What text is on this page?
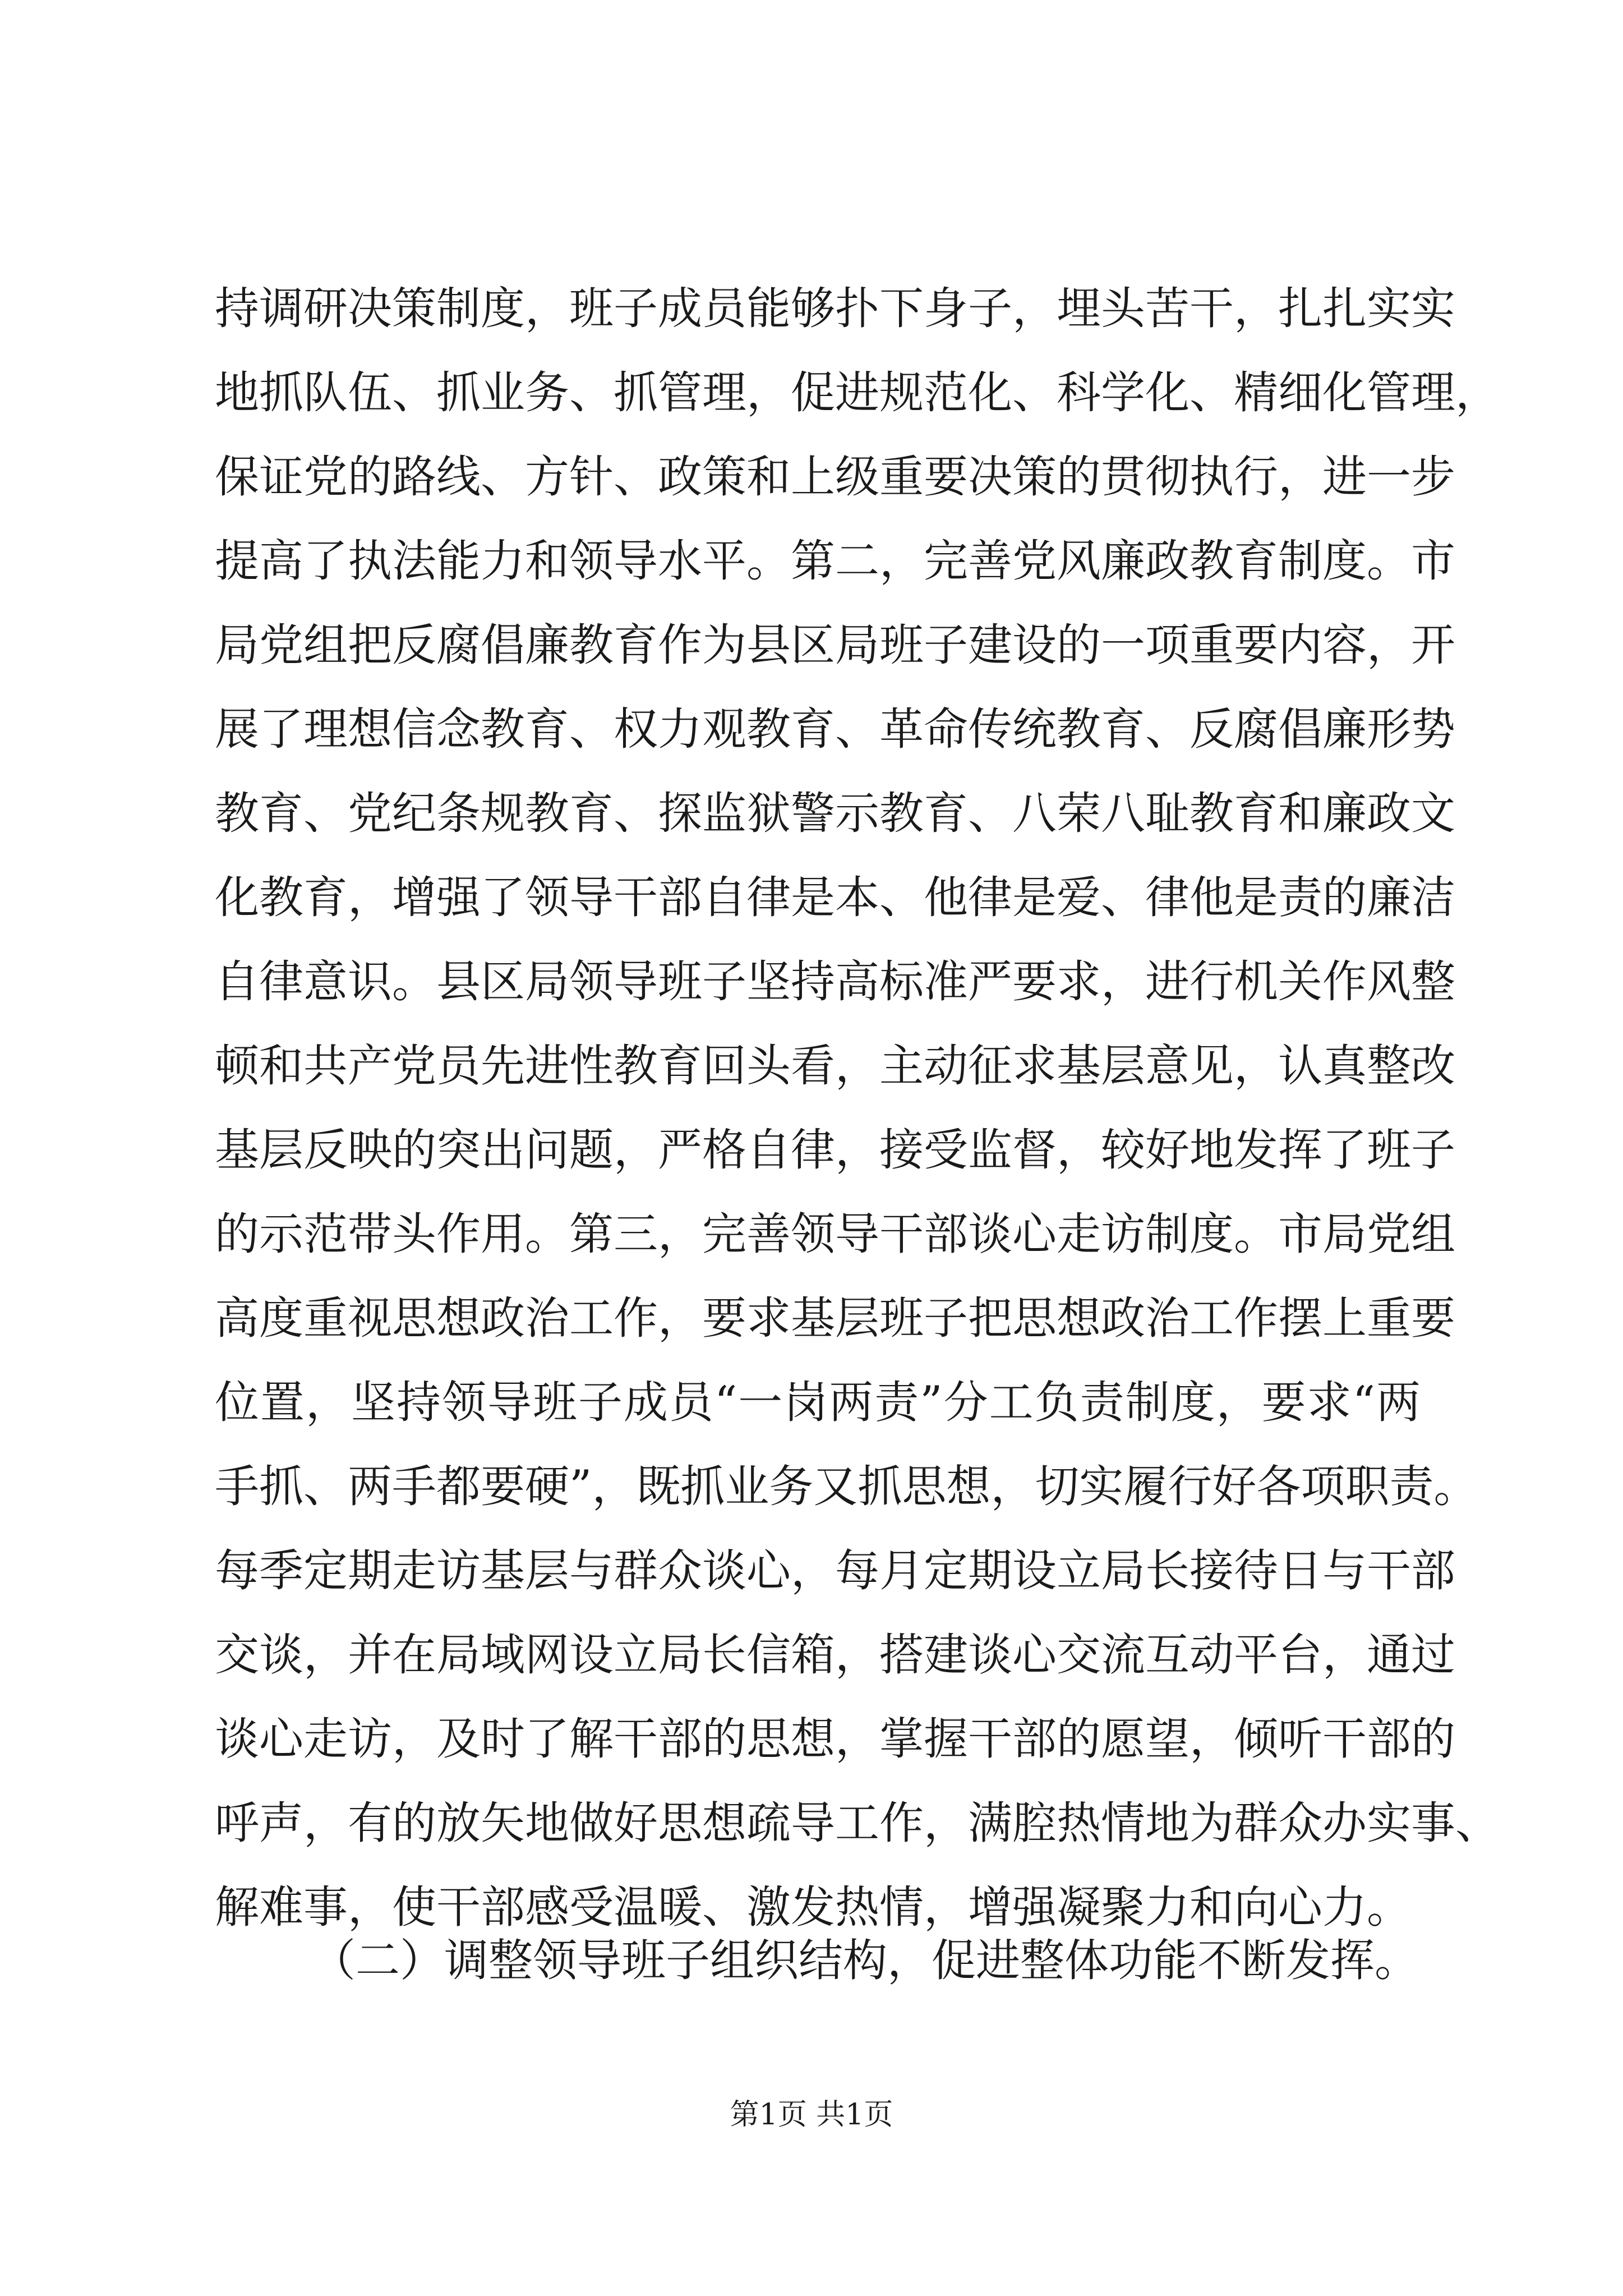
持调研决策制度，班子成员能够扑下身子，埋头苦干，扎扎实实
地抓队伍、抓业务、抓管理，促进规范化、科学化、精细化管理，
保证党的路线、方针、政策和上级重要决策的贯彻执行，进一步
提高了执法能力和领导水平。第二，完善党风廉政教育制度。市
局党组把反腐倡廉教育作为县区局班子建设的一项重要内容，开
展了理想信念教育、权力观教育、革命传统教育、反腐倡廉形势
教育、党纪条规教育、探监狱警示教育、八荣八耻教育和廉政文
化教育，增强了领导干部自律是本、他律是爱、律他是责的廉洁
自律意识。县区局领导班子坚持高标准严要求，进行机关作风整
顿和共产党员先进性教育回头看，主动征求基层意见，认真整改
基层反映的突出问题，严格自律，接受监督，较好地发挥了班子
的示范带头作用。第三，完善领导干部谈心走访制度。市局党组
高度重视思想政治工作，要求基层班子把思想政治工作摆上重要
位置，坚持领导班子成员“一岗两责”分工负责制度，要求“两
手抓、两手都要硬”，既抓业务又抓思想，切实履行好各项职责。
每季定期走访基层与群众谈心，每月定期设立局长接待日与干部
交谈，并在局域网设立局长信箱，搭建谈心交流互动平台，通过
谈心走访，及时了解干部的思想，掌握干部的愿望，倾听干部的
呼声，有的放矢地做好思想疏导工作，满腔热情地为群众办实事、
解难事，使干部感受温暖、激发热情，增强凝聚力和向心力。

（二）调整领导班子组织结构，促进整体功能不断发挥。

第1页 共1页
